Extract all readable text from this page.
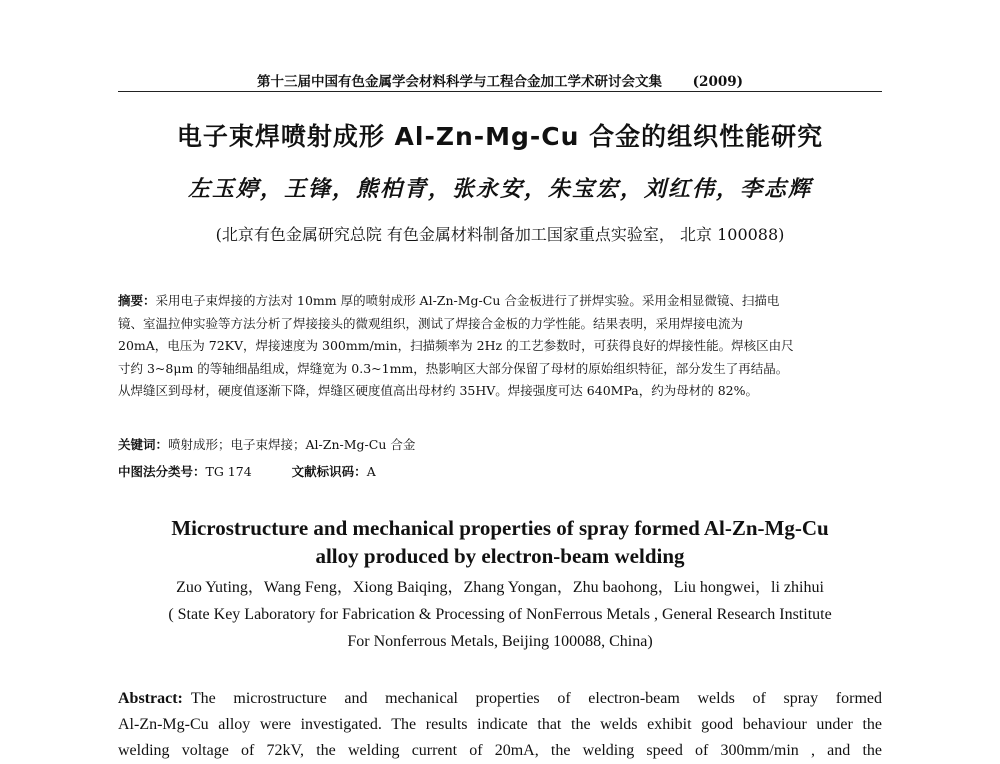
第十三届中国有色金属学会材料科学与工程合金加工学术研讨会文集 (2009)
电子束焊喷射成形 Al-Zn-Mg-Cu 合金的组织性能研究
左玉婷，王锋，熊柏青，张永安，朱宝宏，刘红伟，李志辉
(北京有色金属研究总院 有色金属材料制备加工国家重点实验室， 北京 100088)
摘要：采用电子束焊接的方法对 10mm 厚的喷射成形 Al-Zn-Mg-Cu 合金板进行了拼焊实验。采用金相显微镜、扫描电
镜、室温拉伸实验等方法分析了焊接接头的微观组织，测试了焊接合金板的力学性能。结果表明，采用焊接电流为
20mA，电压为 72KV，焊接速度为 300mm/min，扫描频率为 2Hz 的工艺参数时，可获得良好的焊接性能。焊核区由尺
寸约 3~8μm 的等轴细晶组成，焊缝宽为 0.3~1mm，热影响区大部分保留了母材的原始组织特征，部分发生了再结晶。
从焊缝区到母材，硬度值逐渐下降，焊缝区硬度值高出母材约 35HV。焊接强度可达 640MPa，约为母材的 82%。
关键词：喷射成形；电子束焊接；Al-Zn-Mg-Cu 合金
中图法分类号：TG 174	文献标识码：A
Microstructure and mechanical properties of spray formed Al-Zn-Mg-Cu
alloy produced by electron-beam welding
Zuo Yuting，Wang Feng，Xiong Baiqing，Zhang Yongan，Zhu baohong，Liu hongwei，li zhihui
( State Key Laboratory for Fabrication & Processing of NonFerrous Metals , General Research Institute
For Nonferrous Metals, Beijing 100088, China)
Abstract: The microstructure and mechanical properties of electron-beam welds of spray formed
Al-Zn-Mg-Cu alloy were investigated. The results indicate that the welds exhibit good behaviour under the
welding voltage of 72kV, the welding current of 20mA, the welding speed of 300mm/min , and the
